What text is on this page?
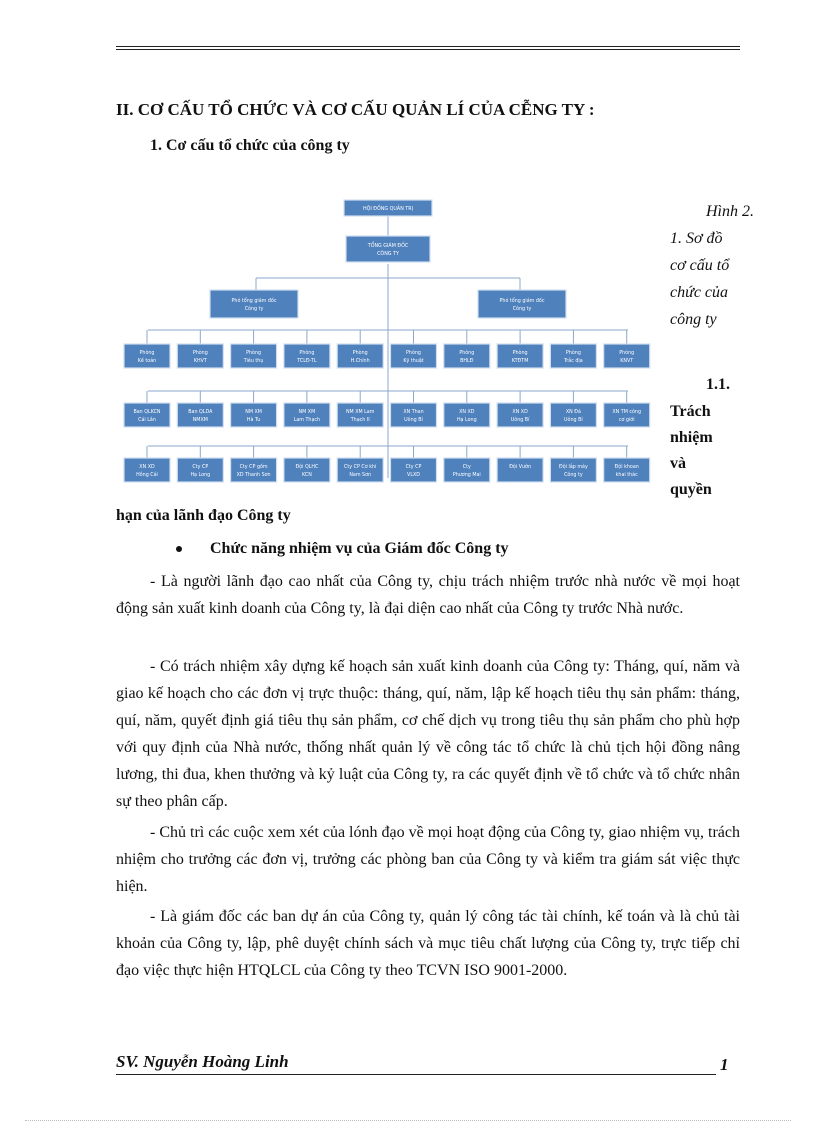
II. CƠ CẤU TỔ CHỨC VÀ CƠ CẤU QUẢN LÍ CỦA CỄNG TY :
1. Cơ cấu tổ chức của công ty
HỘI ĐỒNG QUẢN TRỊ
TỔNG GIÁM ĐỐC
CÔNG TY
Phó tổng giám đốc
Công ty
Phó tổng giám đốc
Công ty
Phòng
Kế toán
Phòng
KHVT
Phòng
Tiêu thụ
Phòng
TCLĐ-TL
Phòng
H.Chính
Phòng
Kỹ thuật
Phòng
BHLĐ
Phòng
KTĐTM
Phòng
Trắc địa
Phòng
KNVT
Ban QLKCN
Cái Lân
Ban QLDA
NMXM
NM XM
Hà Tu
NM XM
Lam Thạch
NM XM Lam
Thạch II
XN Than
Uông Bí
XN XD
Hạ Long
XN XD
Uông Bí
XN Đá
Uông Bí
XN TM công
cơ giới
XN XD
Hồng Cái
Cty CP
Hạ Long
Cty CP gốm
XD Thanh Sơn
Đội QLHC
KCN
Cty CP Cơ khí
Nam Sơn
Cty CP
VLXD
Cty
Phương Mai
Đội Vườn	Đội lắp máy
Công ty
Đội khoan
khai thác
Hình 2.
1. Sơ đồ
cơ cấu tổ
chức của
công ty
1.1.
Trách
nhiệm
và
quyền
hạn của lãnh đạo Công ty
Chức năng nhiệm vụ của Giám đốc Công ty

- Là người lãnh đạo cao nhất của Công ty, chịu trách nhiệm trước nhà nước về mọi hoạt động sản xuất kinh doanh của Công ty, là đại diện cao nhất của Công ty trước Nhà nước.

- Có trách nhiệm xây dựng kế hoạch sản xuất kinh doanh của Công ty: Tháng, quí, năm và giao kế hoạch cho các đơn vị trực thuộc: tháng, quí, năm, lập kế hoạch tiêu thụ sản phẩm: tháng, quí, năm, quyết định giá tiêu thụ sản phẩm, cơ chế dịch vụ trong tiêu thụ sản phẩm cho phù hợp với quy định của Nhà nước, thống nhất quản lý về công tác tổ chức là chủ tịch hội đồng nâng lương, thi đua, khen thưởng và kỷ luật của Công ty, ra các quyết định về tổ chức và tổ chức nhân sự theo phân cấp.

- Chủ trì các cuộc xem xét của lónh đạo về mọi hoạt động của Công ty, giao nhiệm vụ, trách nhiệm cho trưởng các đơn vị, trưởng các phòng ban của Công ty và kiểm tra giám sát việc thực hiện.

- Là giám đốc các ban dự án của Công ty, quản lý công tác tài chính, kế toán và là chủ tài khoản của Công ty, lập, phê duyệt chính sách và mục tiêu chất lượng của Công ty, trực tiếp chỉ đạo việc thực hiện HTQLCL của Công ty theo TCVN ISO 9001-2000.

SV. Nguyễn Hoàng Linh	1
